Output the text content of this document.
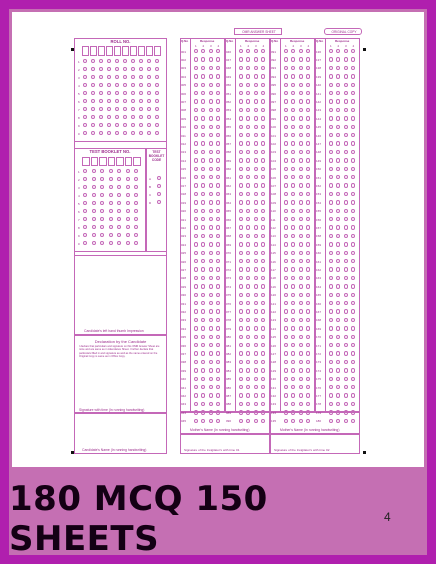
OMR ANSWER SHEET	ORIGINAL COPY
ROLL NO.
TEST BOOKLET NO.	TEST BOOKLET CODE
Candidate's left hand thumb Impression
Declaration by the Candidate
I declare that particulars and signature on this OMR Answer Sheet are mine and are same as in Attendance Sheet. I further declare that particulars filled in and signature as well as the name entered on the Original Copy is same as in Office Copy.
Signature with time (In running handwriting)
Candidate's Name (In running handwriting)
Mother's Name (In running handwriting)	Mother's Name (In running handwriting)
Signature of the Invigilator's with time 01	Signature of the Invigilator's with time 02
1
2
3
4
5
6
7
8
9
0
1
2
3
4
5
6
7
8
9
0
A
B
C
D
Q.No	Response
1 2 3 4
001
002
003
004
005
006
007
008
009
010
011
012
013
014
015
016
017
018
019
020
021
022
023
024
025
026
027
028
029
030
031
032
033
034
035
036
037
038
039
040
041
042
043
044
045
Q.No	Response
1 2 3 4
046
047
048
049
050
051
052
053
054
055
056
057
058
059
060
061
062
063
064
065
066
067
068
069
070
071
072
073
074
075
076
077
078
079
080
081
082
083
084
085
086
087
088
089
090
Q.No	Response
1 2 3 4
091
092
093
094
095
096
097
098
099
100
101
102
103
104
105
106
107
108
109
110
111
112
113
114
115
116
117
118
119
120
121
122
123
124
125
126
127
128
129
130
131
132
133
134
135
Q.No	Response
1 2 3 4
136
137
138
139
140
141
142
143
144
145
146
147
148
149
150
151
152
153
154
155
156
157
158
159
160
161
162
163
164
165
166
167
168
169
170
171
172
173
174
175
176
177
178
179
180
180 MCQ 150 SHEETS
4
